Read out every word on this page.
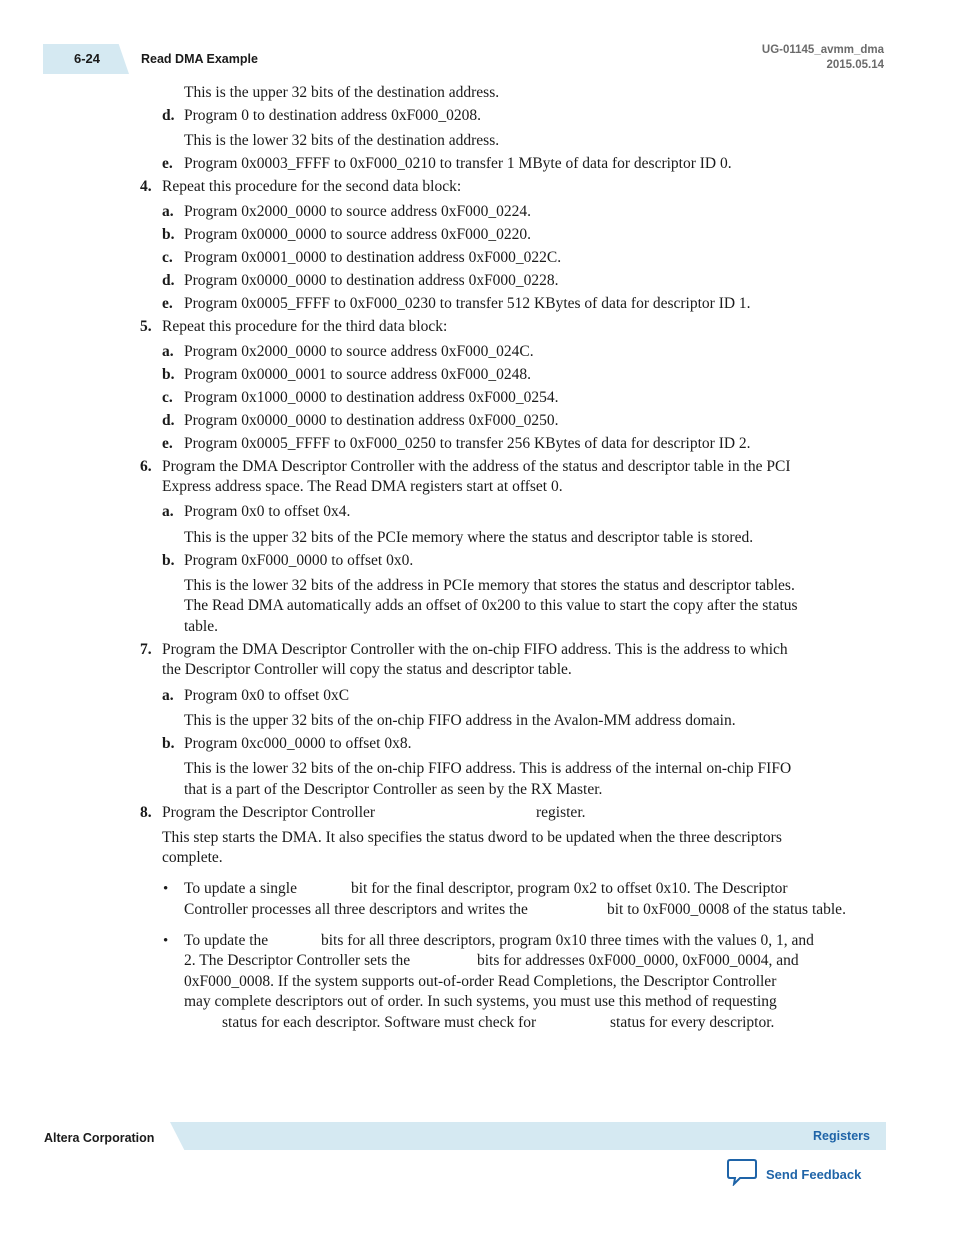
6-24	Read DMA Example
UG-01145_avmm_dma
2015.05.14
This is the upper 32 bits of the destination address.
d. Program 0 to destination address 0xF000_0208.
This is the lower 32 bits of the destination address.
e. Program 0x0003_FFFF to 0xF000_0210 to transfer 1 MByte of data for descriptor ID 0.
4. Repeat this procedure for the second data block:
a. Program 0x2000_0000 to source address 0xF000_0224.
b. Program 0x0000_0000 to source address 0xF000_0220.
c. Program 0x0001_0000 to destination address 0xF000_022C.
d. Program 0x0000_0000 to destination address 0xF000_0228.
e. Program 0x0005_FFFF to 0xF000_0230 to transfer 512 KBytes of data for descriptor ID 1.
5. Repeat this procedure for the third data block:
a. Program 0x2000_0000 to source address 0xF000_024C.
b. Program 0x0000_0001 to source address 0xF000_0248.
c. Program 0x1000_0000 to destination address 0xF000_0254.
d. Program 0x0000_0000 to destination address 0xF000_0250.
e. Program 0x0005_FFFF to 0xF000_0250 to transfer 256 KBytes of data for descriptor ID 2.
6. Program the DMA Descriptor Controller with the address of the status and descriptor table in the PCI
Express address space. The Read DMA registers start at offset 0.
a. Program 0x0 to offset 0x4.
This is the upper 32 bits of the PCIe memory where the status and descriptor table is stored.
b. Program 0xF000_0000 to offset 0x0.
This is the lower 32 bits of the address in PCIe memory that stores the status and descriptor tables.
The Read DMA automatically adds an offset of 0x200 to this value to start the copy after the status
table.
7. Program the DMA Descriptor Controller with the on-chip FIFO address. This is the address to which
the Descriptor Controller will copy the status and descriptor table.
a. Program 0x0 to offset 0xC
This is the upper 32 bits of the on-chip FIFO address in the Avalon-MM address domain.
b. Program 0xc000_0000 to offset 0x8.
This is the lower 32 bits of the on-chip FIFO address. This is address of the internal on-chip FIFO
that is a part of the Descriptor Controller as seen by the RX Master.
8. Program the Descriptor Controller	register.
This step starts the DMA. It also specifies the status dword to be updated when the three descriptors
complete.
• To update a single	bit for the final descriptor, program 0x2 to offset 0x10. The Descriptor
Controller processes all three descriptors and writes the	bit to 0xF000_0008 of the status table.
• To update the	bits for all three descriptors, program 0x10 three times with the values 0, 1, and
2. The Descriptor Controller sets the	bits for addresses 0xF000_0000, 0xF000_0004, and
0xF000_0008. If the system supports out-of-order Read Completions, the Descriptor Controller
may complete descriptors out of order. In such systems, you must use this method of requesting
status for each descriptor. Software must check for	status for every descriptor.
Altera Corporation	Registers
Send Feedback
